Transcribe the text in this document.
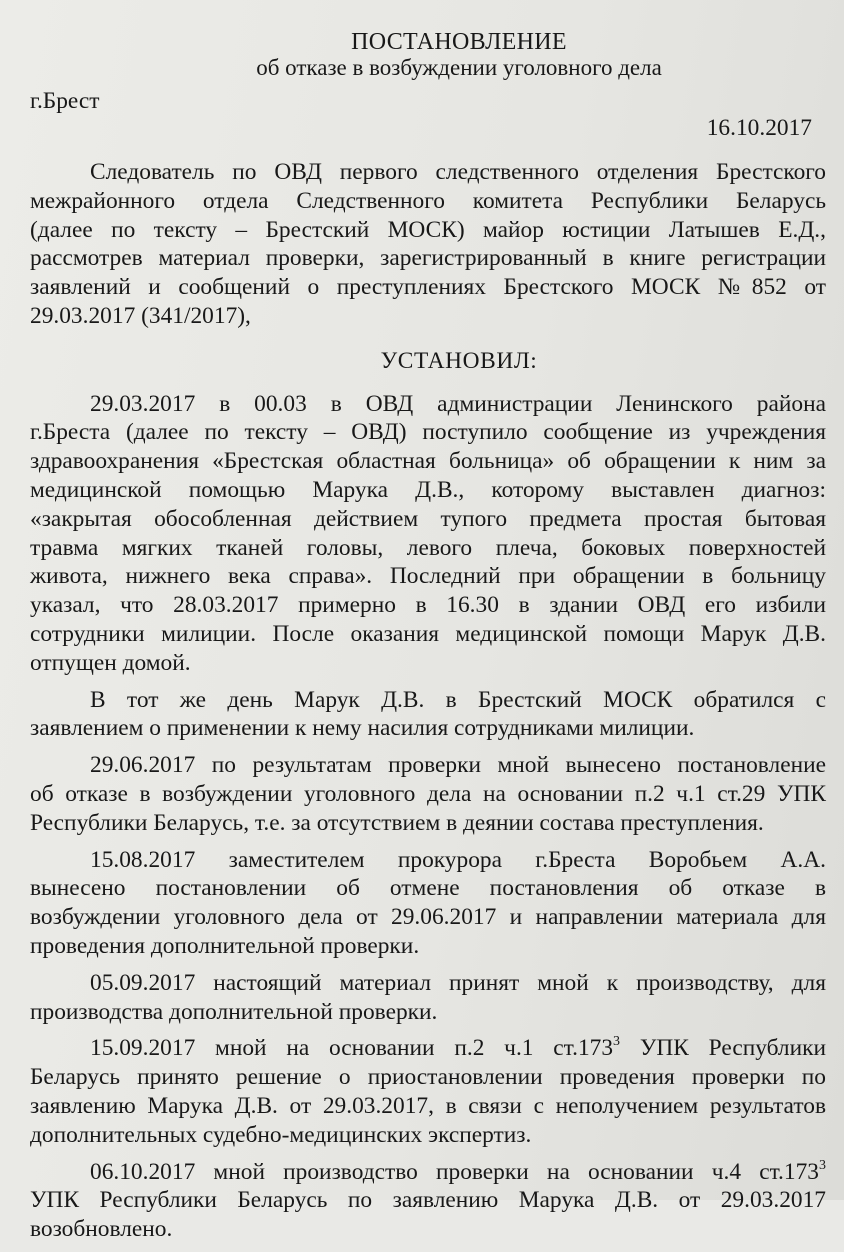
ПОСТАНОВЛЕНИЕ
об отказе в возбуждении уголовного дела
г.Брест
16.10.2017
Следователь по ОВД первого следственного отделения Брестского
межрайонного отдела Следственного комитета Республики Беларусь
(далее по тексту – Брестский МОСК) майор юстиции Латышев Е.Д.,
рассмотрев материал проверки, зарегистрированный в книге регистрации
заявлений и сообщений о преступлениях Брестского МОСК №852 от
29.03.2017 (341/2017),
УСТАНОВИЛ:
29.03.2017 в 00.03 в ОВД администрации Ленинского района
г.Бреста (далее по тексту – ОВД) поступило сообщение из учреждения
здравоохранения «Брестская областная больница» об обращении к ним за
медицинской помощью Марука Д.В., которому выставлен диагноз:
«закрытая обособленная действием тупого предмета простая бытовая
травма мягких тканей головы, левого плеча, боковых поверхностей
живота, нижнего века справа». Последний при обращении в больницу
указал, что 28.03.2017 примерно в 16.30 в здании ОВД его избили
сотрудники милиции. После оказания медицинской помощи Марук Д.В.
отпущен домой.
В тот же день Марук Д.В. в Брестский МОСК обратился с
заявлением о применении к нему насилия сотрудниками милиции.
29.06.2017 по результатам проверки мной вынесено постановление
об отказе в возбуждении уголовного дела на основании п.2 ч.1 ст.29 УПК
Республики Беларусь, т.е. за отсутствием в деянии состава преступления.
15.08.2017 заместителем прокурора г.Бреста Воробьем А.А.
вынесено постановлении об отмене постановления об отказе в
возбуждении уголовного дела от 29.06.2017 и направлении материала для
проведения дополнительной проверки.
05.09.2017 настоящий материал принят мной к производству, для
производства дополнительной проверки.
15.09.2017 мной на основании п.2 ч.1 ст.173$^3$ УПК Республики
Беларусь принято решение о приостановлении проведения проверки по
заявлению Марука Д.В. от 29.03.2017, в связи с неполучением результатов
дополнительных судебно-медицинских экспертиз.
06.10.2017 мной производство проверки на основании ч.4 ст.173$^3$
УПК Республики Беларусь по заявлению Марука Д.В. от 29.03.2017
возобновлено.
